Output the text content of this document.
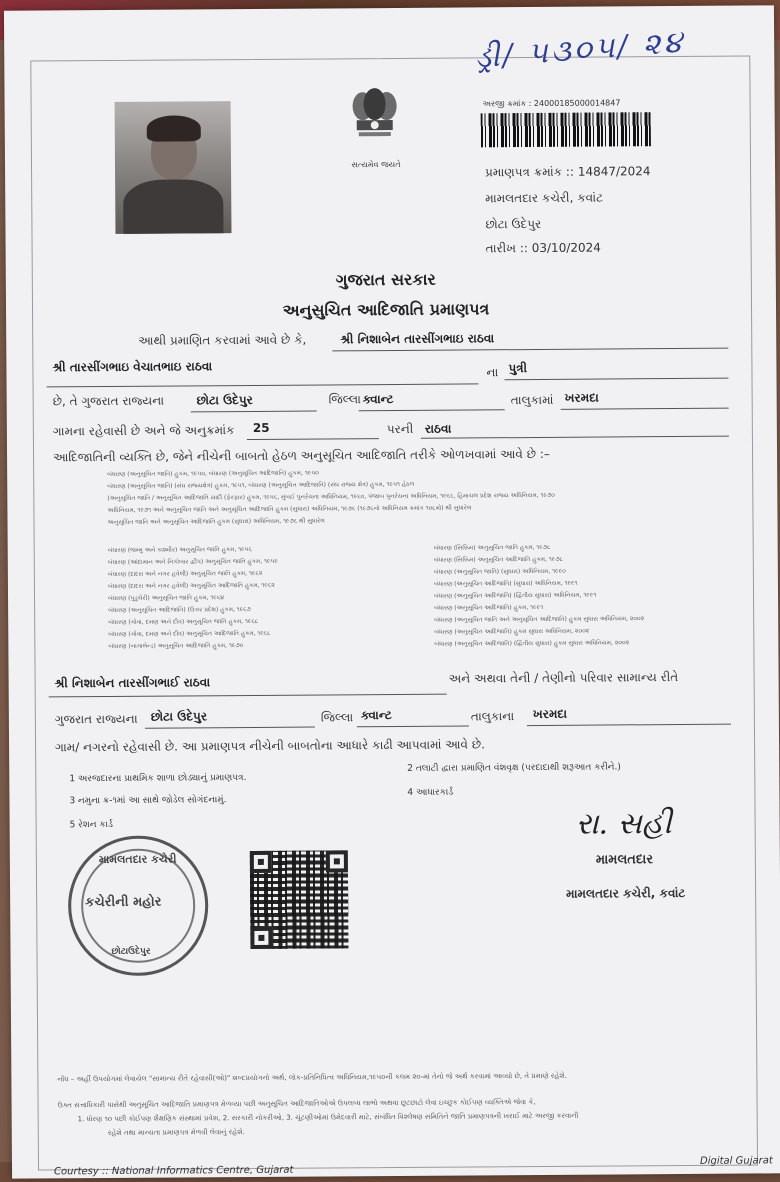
ડ્રી/ ૫૩૦૫/ ૨૪
સત્યમેવ જયતે
અરજી ક્રમાંક : 24000185000014847
પ્રમાણપત્ર ક્રમાંક :: 14847/2024
મામલતદાર કચેરી, કવાંટ
છોટા ઉદેપુર
તારીખ :: 03/10/2024
ગુજરાત સરકાર
અનુસુચિત આદિજાતિ પ્રમાણપત્ર
આથી પ્રમાણિત કરવામાં આવે છે કે,	શ્રી નિશાબેન તારસીંગભાઇ રાઠવા
શ્રી તારસીંગભાઇ વેચાતભાઇ રાઠવા	ના પુત્રી
છે, તે ગુજરાત રાજ્યના	છોટા ઉદેપુર	જિલ્લા ક્વાન્ટ	તાલુકામાં ખરમદા
ગામના રહેવાસી છે અને જે અનુક્રમાંક 25	પરની રાઠવા
આદિજાતિની વ્યક્તિ છે, જેને નીચેની બાબતો હેઠળ અનુસૂચિત આદિજાતિ તરીકે ઓળખવામાં આવે છે :–
બંધારણ (અનુસૂચિત જાતિ) હુકમ, ૧૯૫૦, બંધારણ (અનુસૂચિત આદિજાતિ) હુકમ, ૧૯૫૦
બંધારણ (અનુસૂચિત જાતિ) (સંઘ રાજ્યક્ષેત્ર) હુકમ, ૧૯૫૧, બંધારણ (અનુસૂચિત આદિજાતિ) (સંઘ રાજ્ય ક્ષેત્ર) હુકમ, ૧૯૫૧ હેઠળ
(અનુસૂચિત જાતિ / અનુસૂચિત આદિજાતિ યાદી (ફેરફાર) હુકમ, ૧૯૫૬, મુંબઈ પુનર્રચના અધિનિયમ, ૧૯૬૦, પંજાબ પુનર્રચના અધિનિયમ, ૧૯૬૬, હિમાચલ પ્રદેશ રાજ્ય અધિનિયમ, ૧૯૭૦
અધિનિયમ, ૧૯૭૧ અને અનુસૂચિત જાતિ અને અનુસૂચિત આદિજાતિ હુકમ (સુધારા) અધિનિયમ, ૧૯૭૬ (૧૯૭૬નો અધિનિયમ ક્રમાંક ૧૦૮મો) થી સુધારેલ
અનુસૂચિત જાતિ અને અનુસૂચિત આદિજાતિ હુકમ (સુધારા) અધિનિયમ, ૧૯૭૬ થી સુધારેલ
બંધારણ (જમ્મુ અને કાશ્મીર) અનુસૂચિત જાતિ હુકમ, ૧૯૫૬
બંધારણ (આંદામાન અને નિકોબાર દ્વીપ) અનુસૂચિત જાતિ હુકમ, ૧૯૫૯
બંધારણ (દાદરા અને નગર હવેલી) અનુસૂચિત જાતિ હુકમ, ૧૯૬૨
બંધારણ (દાદરા અને નગર હવેલી) અનુસૂચિત આદિજાતિ હુકમ, ૧૯૬૨
બંધારણ (પુડુચેરી) અનુસૂચિત જાતિ હુકમ, ૧૯૬૪
બંધારણ (અનુસૂચિત આદિજાતિ) (ઉત્તર પ્રદેશ) હુકમ, ૧૯૬૭
બંધારણ (ગોવા, દમણ અને દીવ) અનુસૂચિત જાતિ હુકમ, ૧૯૬૮
બંધારણ (ગોવા, દમણ અને દીવ) અનુસૂચિત આદિજાતિ હુકમ, ૧૯૬૮
બંધારણ (નાગાલેન્ડ) અનુસૂચિત આદિજાતિ હુકમ, ૧૯૭૦
બંધારણ (સિક્કિમ) અનુસૂચિત જાતિ હુકમ, ૧૯૭૮
બંધારણ (સિક્કિમ) અનુસૂચિત આદિજાતિ હુકમ, ૧૯૭૮
બંધારણ (અનુસૂચિત જાતિ) (સુધારા) અધિનિયમ, ૧૯૯૦
બંધારણ (અનુસૂચિત આદિજાતિ) (સુધારા) અધિનિયમ, ૧૯૯૧
બંધારણ (અનુસૂચિત આદિજાતિ) (દ્વિતીય સુધારા) અધિનિયમ, ૧૯૯૧
બંધારણ (અનુસૂચિત આદિજાતિ) હુકમ, ૧૯૯૧
બંધારણ (અનુસૂચિત જાતિ અને અનુસૂચિત આદિજાતિ) હુકમ સુધારા અધિનિયમ, ૨૦૦૨
બંધારણ (અનુસૂચિત આદિજાતિ) હુકમ સુધારા અધિનિયમ, ૨૦૦૨
બંધારણ (અનુસૂચિત આદિજાતિ) (દ્વિતીય સુધારા) હુકમ સુધારા અધિનિયમ, ૨૦૦૨
શ્રી નિશાબેન તારસીંગભાઈ રાઠવા	અને અથવા તેની / તેણીનો પરિવાર સામાન્ય રીતે
ગુજરાત રાજ્યના છોટા ઉદેપુર	જિલ્લા ક્વાન્ટ	તાલુકાના ખરમદા
ગામ/ નગરનો રહેવાસી છે. આ પ્રમાણપત્ર નીચેની બાબતોના આધારે કાઢી આપવામાં આવે છે.
1 અરજદારના પ્રાથમિક શાળા છોડ્યાનું પ્રમાણપત્ર.
2 તલાટી દ્વારા પ્રમાણિત વંશવૃક્ષ (પરદાદાથી શરૂઆત કરીને.)
3 નમુના ક્ર-૧માં આ સાથે જોડેલ સોગંદનામું.
4 આધારકાર્ડ
5 રેશન કાર્ડ
મામલતદાર કચેરી
કચેરીની મહોર
છોટાઉદેપુર
રા. સહી
મામલતદાર
મામલતદાર કચેરી, કવાંટ
નોંધ – અહીં ઉપયોગમાં લેવાયેલ "સામાન્ય રીતે રહેવાસી(ઓ)" શબ્દપ્રયોગનો અર્થ, લોક-પ્રતિનિધિત્વ અધિનિયમ,૧૯૫૦ની કલમ ૨૦-માં તેનો જે અર્થ કરવામાં આવ્યો છે, તે પ્રમાણે રહેશે.
ઉક્ત સત્તાધિકારી પાસેથી અનુસૂચિત આદિજાતિ પ્રમાણપત્ર મેળવ્યા પછી અનુસૂચિત આદિજાતિઓએ ઉપલબ્ધ લાભો અથવા છૂટછાટો લેવા ઇચ્છુક કોઈપણ વ્યક્તિએ જેવા કે,
1. ધોરણ ૧૦ પછી કોઈપણ શૈક્ષણિક સંસ્થામાં પ્રવેશ, 2. સરકારી નોકરીઓ, 3. ચૂંટણીઓમાં ઉમેદવારી માટે, સંબંધિત વિશ્લેષણ સમિતિને જાતિ પ્રમાણપત્રની ખરાઈ માટે અરજી કરવાની
રહેશે તથા માન્યતા પ્રમાણપત્ર મેળવી લેવાનું રહેશે.
Courtesy :: National Informatics Centre, Gujarat
Digital Gujarat
